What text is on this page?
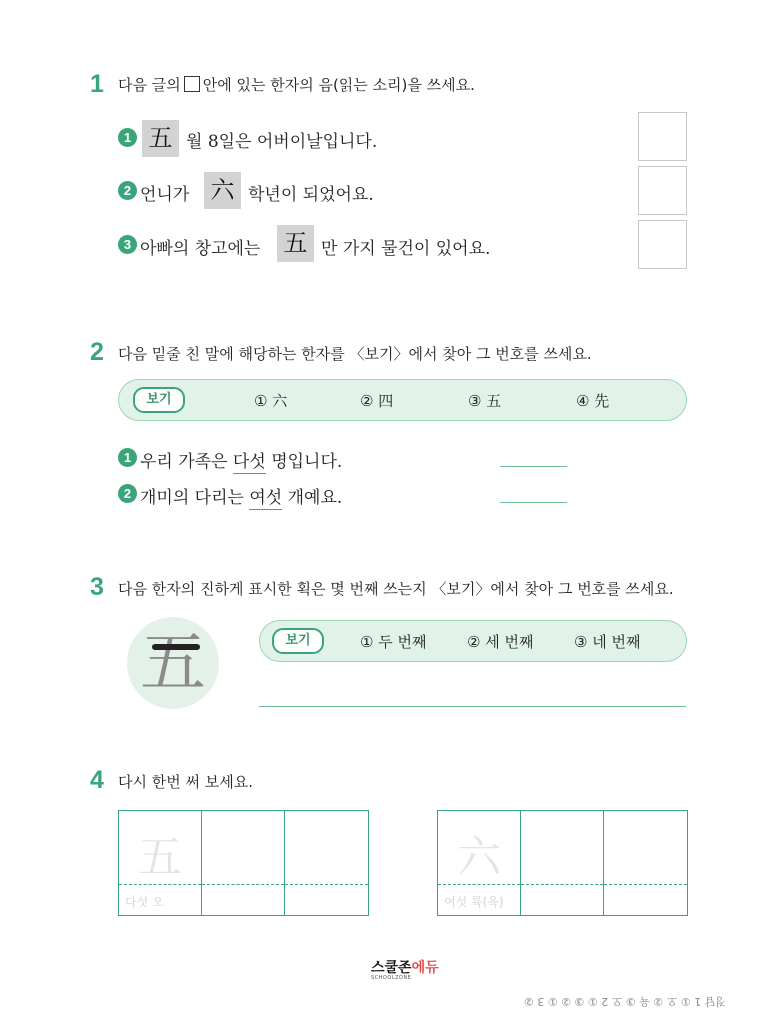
1 다음 글의 안에 있는 한자의 음(읽는 소리)을 쓰세요.
1 五 월 8일은 어버이날입니다.
2 언니가 六 학년이 되었어요.
3 아빠의 창고에는 五 만 가지 물건이 있어요.
2 다음 밑줄 친 말에 해당하는 한자를 〈보기〉에서 찾아 그 번호를 쓰세요.
보기	① 六	② 四	③ 五	④ 先
1 우리 가족은 다섯 명입니다.
2 개미의 다리는 여섯 개예요.
3 다음 한자의 진하게 표시한 획은 몇 번째 쓰는지 〈보기〉에서 찾아 그 번호를 쓰세요.
五	보기	① 두 번째	② 세 번째	③ 네 번째
4 다시 한번 써 보세요.
五
다섯 오
六
여섯 륙(육)
스쿨존에듀
SCHOOLZONE
정답 1 ① 오 ② 육 ③ 오 2 ① ③ ② ① 3 ②
